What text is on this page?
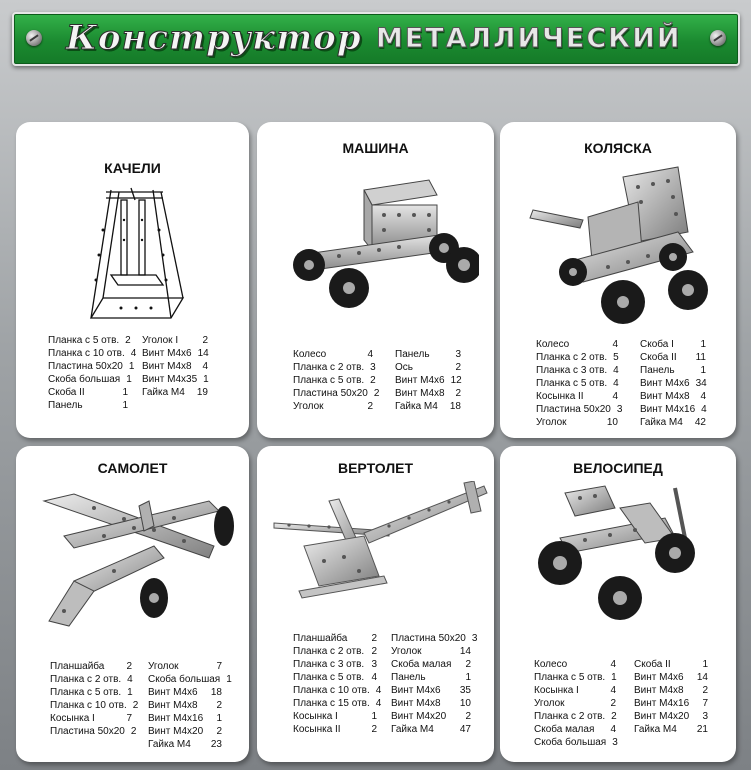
Конструктор МЕТАЛЛИЧЕСКИЙ
КАЧЕЛИ
Планка с 5 отв. 2
Планка с 10 отв. 4
Пластина 50х20 1
Скоба большая 1
Скоба II	1
Панель	1
Уголок I 2
Винт М4х6 14
Винт М4х8 4
Винт М4х35 1
Гайка М4 19
МАШИНА
Колесо	4
Планка с 2 отв. 3
Планка с 5 отв. 2
Пластина 50х20 2
Уголок	2
Панель	3
Ось	2
Винт М4х6 12
Винт М4х8 2
Гайка М4 18
КОЛЯСКА
Колесо	4
Планка с 2 отв. 5
Планка с 3 отв. 4
Планка с 5 отв. 4
Косынка II	4
Пластина 50х20 3
Уголок	10
Скоба I	1
Скоба II 11
Панель	1
Винт М4х6 34
Винт М4х8 4
Винт М4х16 4
Гайка М4 42
САМОЛЕТ
Планшайба 2
Планка с 2 отв. 4
Планка с 5 отв. 1
Планка с 10 отв. 2
Косынка I	7
Пластина 50х20 2
Уголок	7
Скоба большая 1
Винт М4х6 18
Винт М4х8 2
Винт М4х16 1
Винт М4х20 2
Гайка М4 23
ВЕРТОЛЕТ
Планшайба 2
Планка с 2 отв. 2
Планка с 3 отв. 3
Планка с 5 отв. 4
Планка с 10 отв. 4
Планка с 15 отв. 4
Косынка I	1
Косынка II	2
Пластина 50х20 3
Уголок	14
Скоба малая 2
Панель	1
Винт М4х6 35
Винт М4х8 10
Винт М4х20 2
Гайка М4	47
ВЕЛОСИПЕД
Колесо	4
Планка с 5 отв. 1
Косынка I	4
Уголок	2
Планка с 2 отв. 2
Скоба малая 4
Скоба большая 3
Скоба II	1
Винт М4х6 14
Винт М4х8 2
Винт М4х16 7
Винт М4х20 3
Гайка М4 21
